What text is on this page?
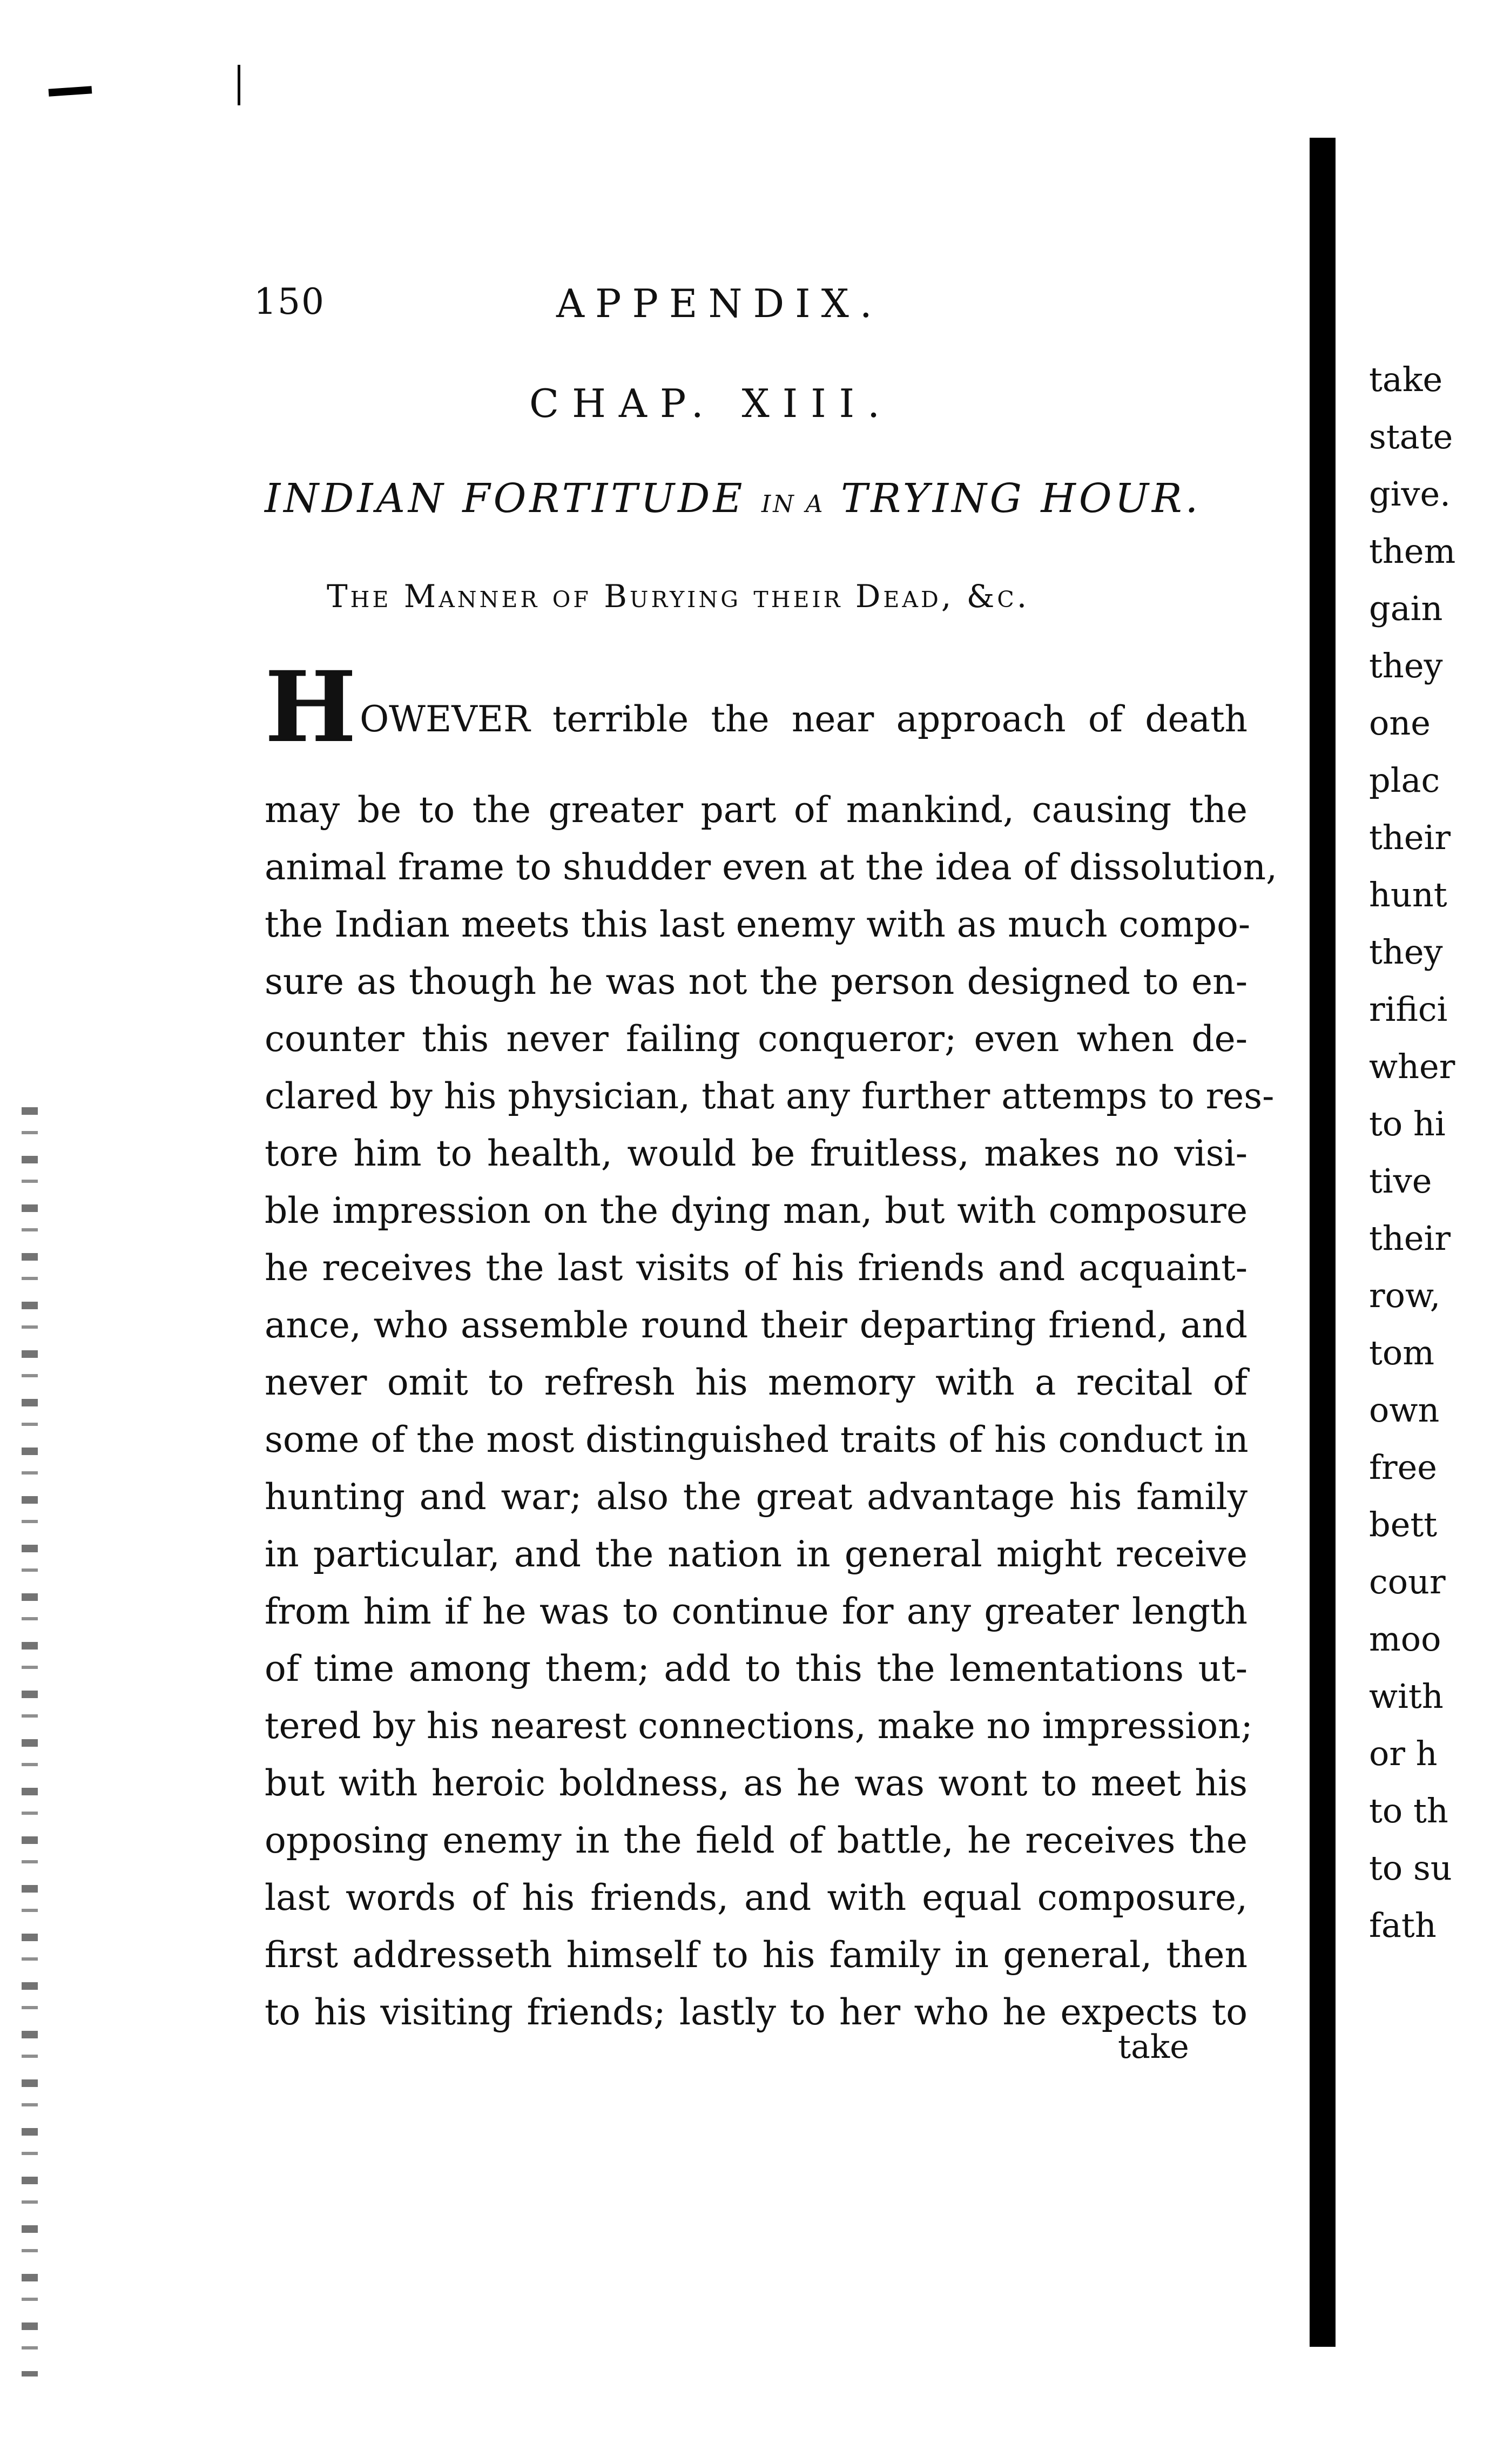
150	APPENDIX.
CHAP. XIII.
INDIAN FORTITUDE IN A TRYING HOUR.
The Manner of Burying their Dead, &c.
H OWEVER terrible the near approach of death
may be to the greater part of mankind, causing the
animal frame to shudder even at the idea of dissolution,
the Indian meets this last enemy with as much compo-
sure as though he was not the person designed to en-
counter this never failing conqueror; even when de-
clared by his physician, that any further attemps to res-
tore him to health, would be fruitless, makes no visi-
ble impression on the dying man, but with composure
he receives the last visits of his friends and acquaint-
ance, who assemble round their departing friend, and
never omit to refresh his memory with a recital of
some of the most distinguished traits of his conduct in
hunting and war; also the great advantage his family
in particular, and the nation in general might receive
from him if he was to continue for any greater length
of time among them; add to this the lementations ut-
tered by his nearest connections, make no impression;
but with heroic boldness, as he was wont to meet his
opposing enemy in the field of battle, he receives the
last words of his friends, and with equal composure,
first addresseth himself to his family in general, then
to his visiting friends; lastly to her who he expects to
take
take
state
give.
them
gain
they
one
plac
their
hunt
they
rifici
wher
to hi
tive
their
row,
tom
own
free
bett
cour
moo
with
or h
to th
to su
fath
